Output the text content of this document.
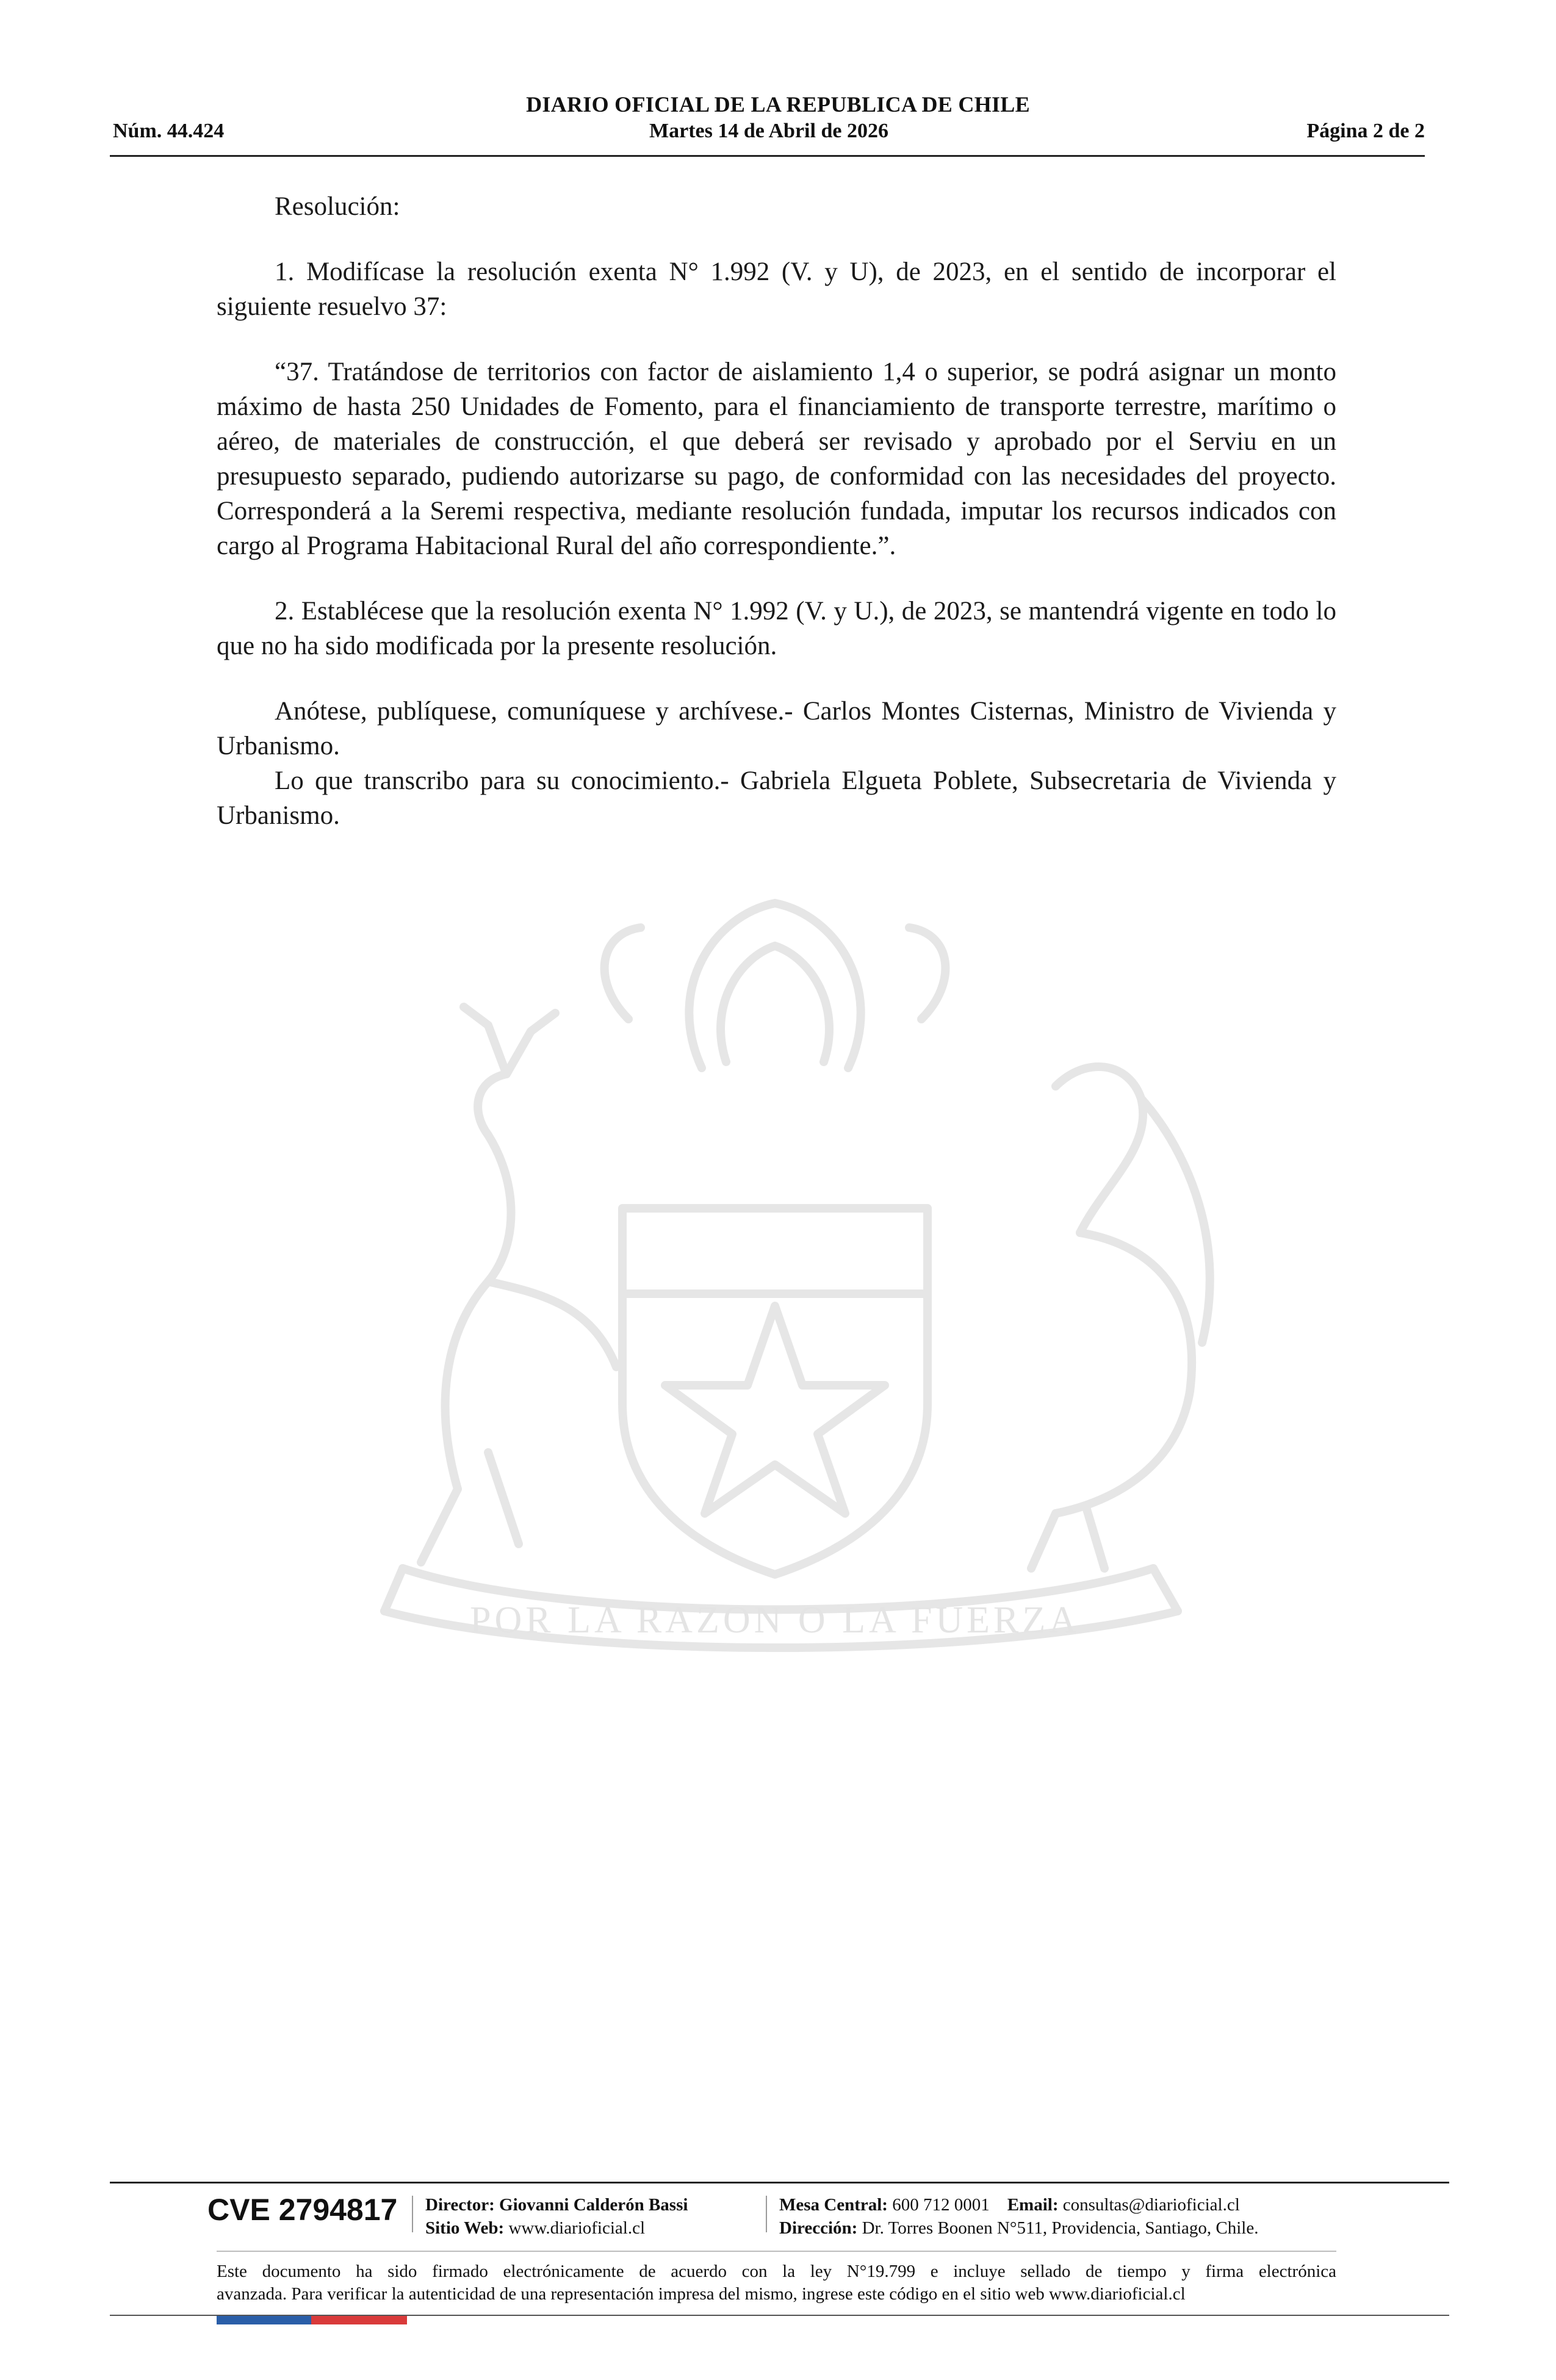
DIARIO OFICIAL DE LA REPUBLICA DE CHILE
Núm. 44.424	Martes 14 de Abril de 2026	Página 2 de 2

Resolución:

1. Modifícase la resolución exenta N° 1.992 (V. y U), de 2023, en el sentido de incorporar el siguiente resuelvo 37:

“37. Tratándose de territorios con factor de aislamiento 1,4 o superior, se podrá asignar un monto máximo de hasta 250 Unidades de Fomento, para el financiamiento de transporte terrestre, marítimo o aéreo, de materiales de construcción, el que deberá ser revisado y aprobado por el Serviu en un presupuesto separado, pudiendo autorizarse su pago, de conformidad con las necesidades del proyecto. Corresponderá a la Seremi respectiva, mediante resolución fundada, imputar los recursos indicados con cargo al Programa Habitacional Rural del año correspondiente.”.

2. Establécese que la resolución exenta N° 1.992 (V. y U.), de 2023, se mantendrá vigente en todo lo que no ha sido modificada por la presente resolución.

Anótese, publíquese, comuníquese y archívese.- Carlos Montes Cisternas, Ministro de Vivienda y Urbanismo.

Lo que transcribo para su conocimiento.- Gabriela Elgueta Poblete, Subsecretaria de Vivienda y Urbanismo.

POR LA RAZON O LA FUERZA
CVE 2794817 Director: Giovanni Calderón Bassi
Sitio Web: www.diarioficial.cl
Mesa Central: 600 712 0001 Email: consultas@diarioficial.cl
Dirección: Dr. Torres Boonen N°511, Providencia, Santiago, Chile.
Este documento ha sido firmado electrónicamente de acuerdo con la ley N°19.799 e incluye sellado de tiempo y firma electrónica
avanzada. Para verificar la autenticidad de una representación impresa del mismo, ingrese este código en el sitio web www.diarioficial.cl
